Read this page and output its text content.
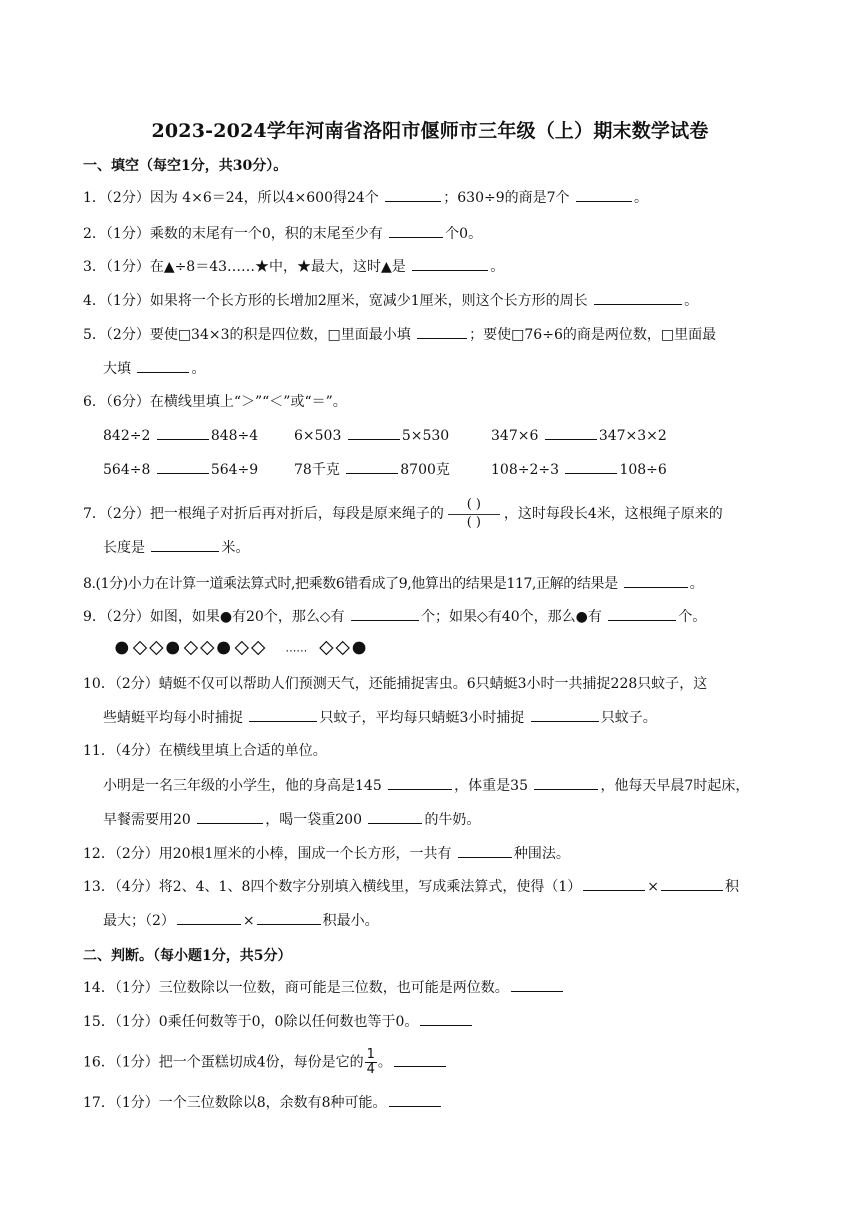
2023-2024学年河南省洛阳市偃师市三年级（上）期末数学试卷
一、填空（每空1分，共30分）。
1．（2分）因为 4×6＝24，所以4×600得24个	；630÷9的商是7个	。
2．（1分）乘数的末尾有一个0，积的末尾至少有	个0。
3．（1分）在▲÷8＝43……★中，★最大，这时▲是	。
4．（1分）如果将一个长方形的长增加2厘米，宽减少1厘米，则这个长方形的周长	。
5．（2分）要使□34×3的积是四位数，□里面最小填	；要使□76÷6的商是两位数，□里面最
大填	。
6．（6分）在横线里填上“＞”“＜”或“＝”。
842÷2	848÷4	6×503	5×530	347×6	347×3×2
564÷8	564÷9	78千克	8700克	108÷2÷3	108÷6
7．（2分）把一根绳子对折后再对折后，每段是原来绳子的 $\frac{( )}{( )}$ ，这时每段长4米，这根绳子原来的
长度是	米。
8.(1分)小力在计算一道乘法算式时,把乘数6错看成了9,他算出的结果是117,正解的结果是	。
9．（2分）如图，如果●有20个，那么◇有	个；如果◇有40个，那么●有	个。
……
10．（2分）蜻蜓不仅可以帮助人们预测天气，还能捕捉害虫。6只蜻蜓3小时一共捕捉228只蚊子，这
些蜻蜓平均每小时捕捉	只蚊子，平均每只蜻蜓3小时捕捉	只蚊子。
11．（4分）在横线里填上合适的单位。
小明是一名三年级的小学生，他的身高是145	，体重是35	，他每天早晨7时起床，
早餐需要用20	，喝一袋重200	的牛奶。
12．（2分）用20根1厘米的小棒，围成一个长方形，一共有	种围法。
13．（4分）将2、4、1、8四个数字分别填入横线里，写成乘法算式，使得（1）	×	积
最大；（2）	×	积最小。
二、判断。（每小题1分，共5分）
14．（1分）三位数除以一位数，商可能是三位数，也可能是两位数。
15．（1分）0乘任何数等于0，0除以任何数也等于0。
16．（1分）把一个蛋糕切成4份，每份是它的 $\frac{1}{4}$。
17．（1分）一个三位数除以8，余数有8种可能。
